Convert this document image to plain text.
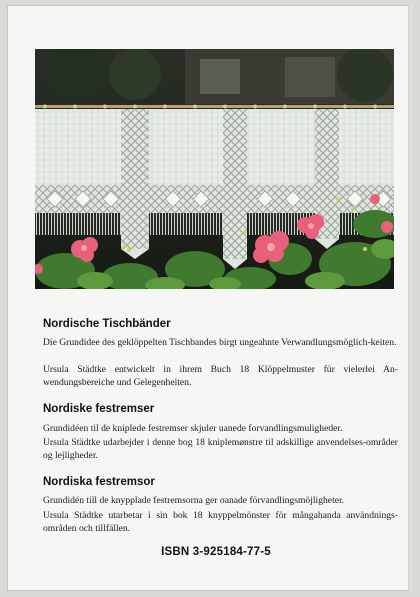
Nordische Tischbänder

Die Grundidee des geklöppelten Tischbandes birgt ungeahnte Verwandlungsmöglich-keiten.

Ursula Städtke entwickelt in ihrem Buch 18 Klöppelmuster für vielerlei An-wendungsbereiche und Gelegenheiten.

Nordiske festremser

Grundidéen til de kniplede festremser skjuler uanede forvandlingsmuligheder.

Ursula Städtke udarbejder i denne bog 18 kniplemønstre til adskillige anvendelses-områder og lejligheder.

Nordiska festremsor

Grundidén till de knypplade festremsorna ger oanade förvandlingsmöjligheter.

Ursula Städtke utarbetar i sin bok 18 knyppelmönster för mångahanda användnings-områden och tillfällen.

ISBN 3-925184-77-5
